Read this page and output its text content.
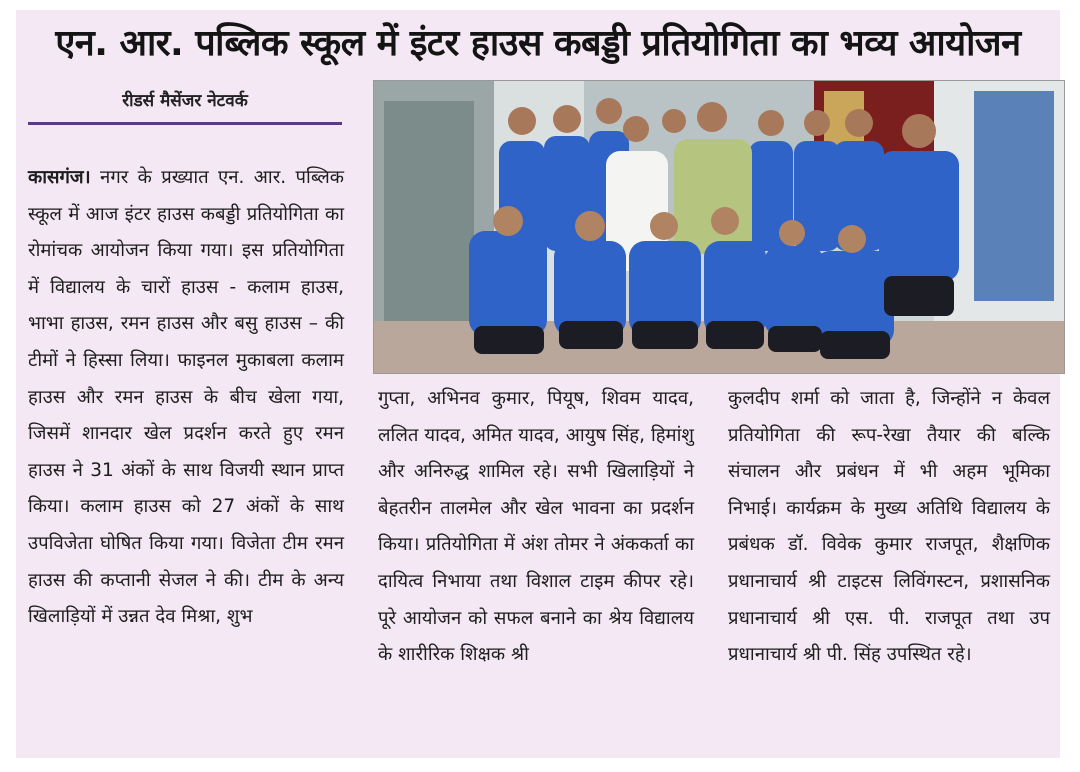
एन. आर. पब्लिक स्कूल में इंटर हाउस कबड्डी प्रतियोगिता का भव्य आयोजन
रीडर्स मैसेंजर नेटवर्क

कासगंज। नगर के प्रख्यात एन. आर. पब्लिक स्कूल में आज इंटर हाउस कबड्डी प्रतियोगिता का रोमांचक आयोजन किया गया। इस प्रतियोगिता में विद्यालय के चारों हाउस - कलाम हाउस, भाभा हाउस, रमन हाउस और बसु हाउस – की टीमों ने हिस्सा लिया। फाइनल मुकाबला कलाम हाउस और रमन हाउस के बीच खेला गया, जिसमें शानदार खेल प्रदर्शन करते हुए रमन हाउस ने 31 अंकों के साथ विजयी स्थान प्राप्त किया। कलाम हाउस को 27 अंकों के साथ उपविजेता घोषित किया गया। विजेता टीम रमन हाउस की कप्तानी सेजल ने की। टीम के अन्य खिलाड़ियों में उन्नत देव मिश्रा, शुभ

गुप्ता, अभिनव कुमार, पियूष, शिवम यादव, ललित यादव, अमित यादव, आयुष सिंह, हिमांशु और अनिरुद्ध शामिल रहे। सभी खिलाड़ियों ने बेहतरीन तालमेल और खेल भावना का प्रदर्शन किया। प्रतियोगिता में अंश तोमर ने अंककर्ता का दायित्व निभाया तथा विशाल टाइम कीपर रहे। पूरे आयोजन को सफल बनाने का श्रेय विद्यालय के शारीरिक शिक्षक श्री

कुलदीप शर्मा को जाता है, जिन्होंने न केवल प्रतियोगिता की रूप-रेखा तैयार की बल्कि संचालन और प्रबंधन में भी अहम भूमिका निभाई। कार्यक्रम के मुख्य अतिथि विद्यालय के प्रबंधक डॉ. विवेक कुमार राजपूत, शैक्षणिक प्रधानाचार्य श्री टाइटस लिविंगस्टन, प्रशासनिक प्रधानाचार्य श्री एस. पी. राजपूत तथा उप प्रधानाचार्य श्री पी. सिंह उपस्थित रहे।
